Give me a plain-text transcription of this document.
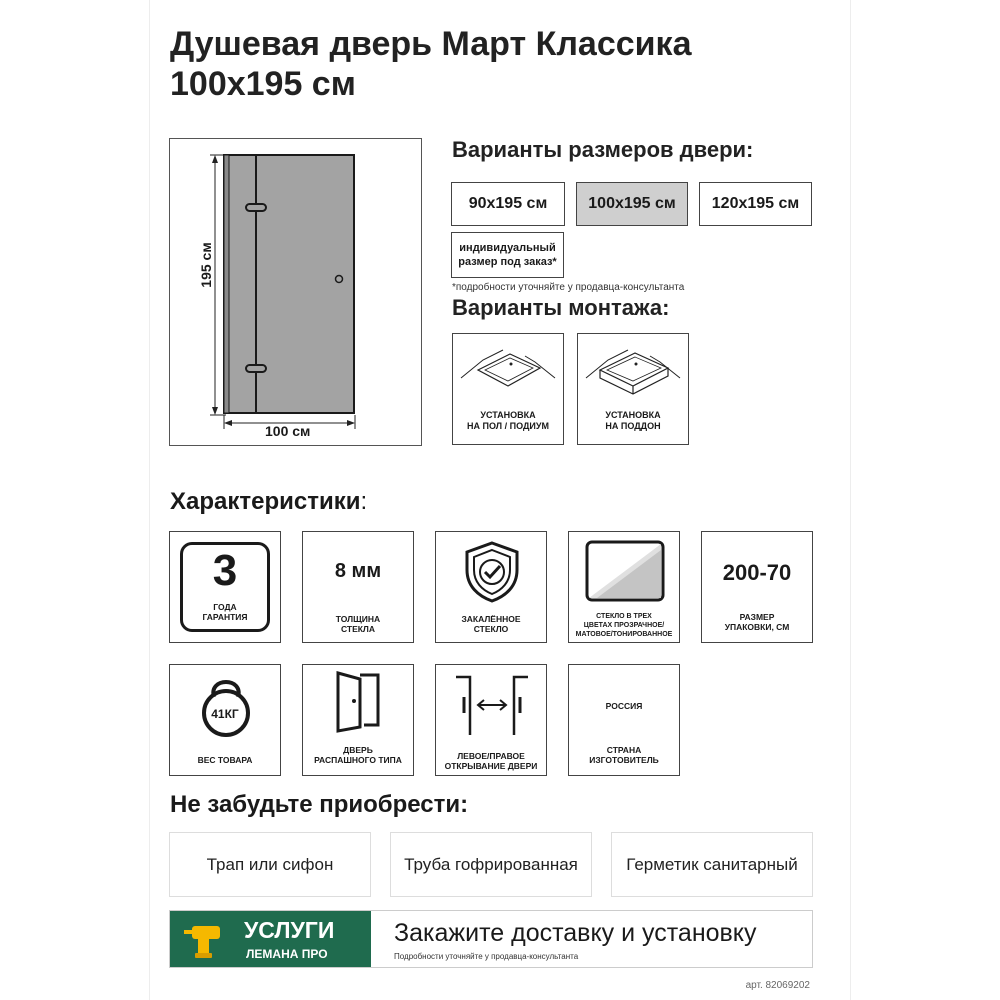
Душевая дверь Март Классика
100х195 см
195 см
100 см
Варианты размеров двери:
90х195 см	100х195 см	120х195 см
индивидуальный
размер под заказ*
*подробности уточняйте у продавца-консультанта
Варианты монтажа:
УСТАНОВКА
НА ПОЛ / ПОДИУМ
УСТАНОВКА
НА ПОДДОН
Характеристики:
3
ГОДА
ГАРАНТИЯ
8 мм
ТОЛЩИНА
СТЕКЛА
ЗАКАЛЁННОЕ
СТЕКЛО
СТЕКЛО В ТРЕХ
ЦВЕТАХ ПРОЗРАЧНОЕ/
МАТОВОЕ/ТОНИРОВАННОЕ
200-70
РАЗМЕР
УПАКОВКИ, СМ
41КГ
ВЕС ТОВАРА
ДВЕРЬ
РАСПАШНОГО ТИПА	ЛЕВОЕ/ПРАВОЕ
ОТКРЫВАНИЕ ДВЕРИ
РОССИЯ
СТРАНА
ИЗГОТОВИТЕЛЬ
Не забудьте приобрести:
Трап или сифон	Труба гофрированная	Герметик санитарный
УСЛУГИ
ЛЕМАНА ПРО
Закажите доставку и установку
Подробности уточняйте у продавца-консультанта
арт. 82069202
